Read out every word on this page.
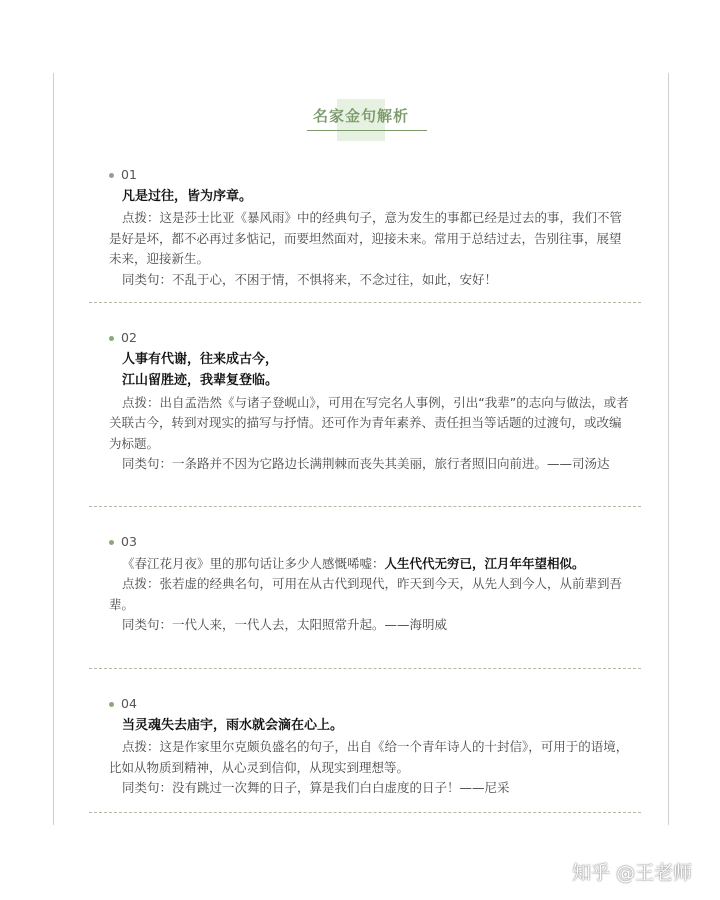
名家金句解析
01
凡是过往，皆为序章。
点拨：这是莎士比亚《暴风雨》中的经典句子，意为发生的事都已经是过去的事，我们不管是好是坏，都不必再过多惦记，而要坦然面对，迎接未来。常用于总结过去，告别往事，展望未来，迎接新生。
同类句：不乱于心，不困于情，不惧将来，不念过往，如此，安好！
02
人事有代谢，往来成古今，
江山留胜迹，我辈复登临。
点拨：出自孟浩然《与诸子登岘山》，可用在写完名人事例，引出“我辈”的志向与做法，或者关联古今，转到对现实的描写与抒情。还可作为青年素养、责任担当等话题的过渡句，或改编为标题。
同类句：一条路并不因为它路边长满荆棘而丧失其美丽，旅行者照旧向前进。——司汤达
03
《春江花月夜》里的那句话让多少人感慨唏嘘：人生代代无穷已，江月年年望相似。
点拨：张若虚的经典名句，可用在从古代到现代，昨天到今天，从先人到今人，从前辈到吾辈。
同类句：一代人来，一代人去，太阳照常升起。——海明威
04
当灵魂失去庙宇，雨水就会滴在心上。
点拨：这是作家里尔克颇负盛名的句子，出自《给一个青年诗人的十封信》，可用于的语境，比如从物质到精神，从心灵到信仰，从现实到理想等。
同类句：没有跳过一次舞的日子，算是我们白白虚度的日子！——尼采
知乎 @王老师
